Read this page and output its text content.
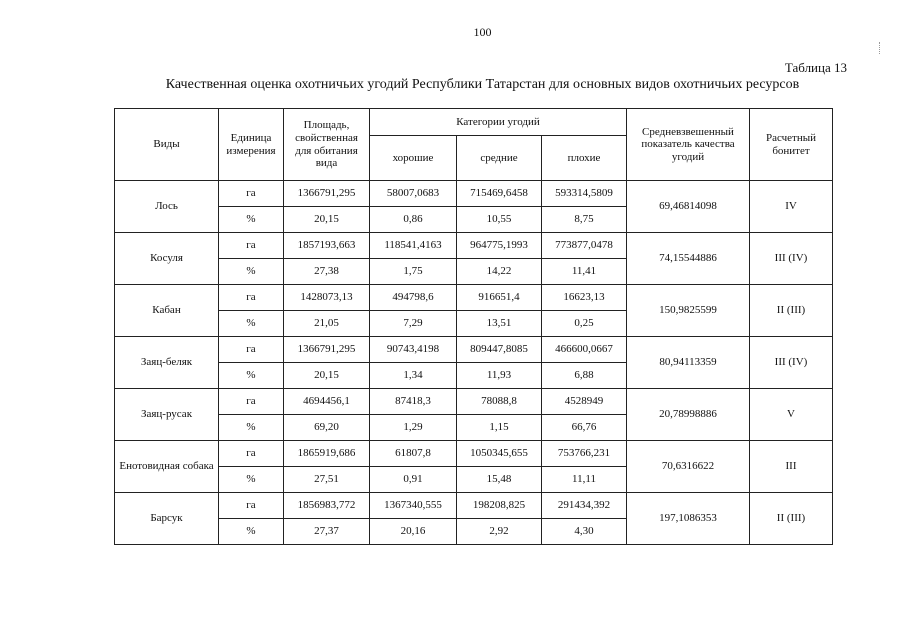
100
Таблица 13
Качественная оценка охотничьих угодий Республики Татарстан для основных видов охотничьих ресурсов
Виды	Единица измерения	Площадь, свойственная для обитания вида	Категории угодий			Средневзвешенный показатель качества угодий	Расчетный бонитет
			хорошие	средние	плохие		
Лось	га	1366791,295	58007,0683	715469,6458	593314,5809	69,46814098	IV
	%	20,15	0,86	10,55	8,75		
Косуля	га	1857193,663	118541,4163	964775,1993	773877,0478	74,15544886	III (IV)
	%	27,38	1,75	14,22	11,41		
Кабан	га	1428073,13	494798,6	916651,4	16623,13	150,9825599	II (III)
	%	21,05	7,29	13,51	0,25		
Заяц-беляк	га	1366791,295	90743,4198	809447,8085	466600,0667	80,94113359	III (IV)
	%	20,15	1,34	11,93	6,88		
Заяц-русак	га	4694456,1	87418,3	78088,8	4528949	20,78998886	V
	%	69,20	1,29	1,15	66,76		
Енотовидная собака	га	1865919,686	61807,8	1050345,655	753766,231	70,6316622	III
	%	27,51	0,91	15,48	11,11		
Барсук	га	1856983,772	1367340,555	198208,825	291434,392	197,1086353	II (III)
	%	27,37	20,16	2,92	4,30		
